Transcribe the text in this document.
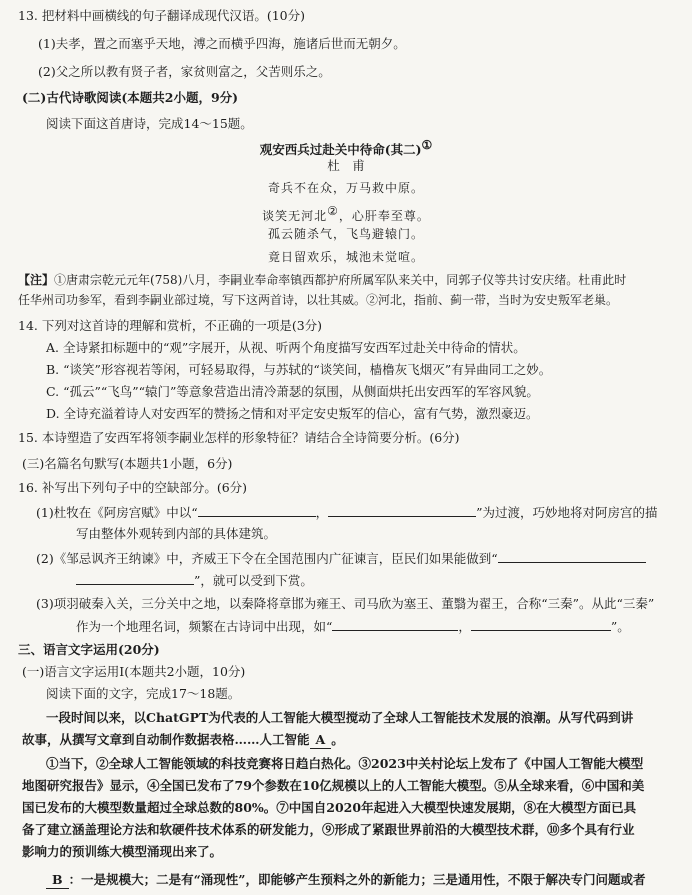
13. 把材料中画横线的句子翻译成现代汉语。(10分)
(1)夫孝，置之而塞乎天地，溥之而横乎四海，施诸后世而无朝夕。
(2)父之所以教有贤子者，家贫则富之，父苦则乐之。
(二)古代诗歌阅读(本题共2小题，9分)
阅读下面这首唐诗，完成14～15题。
观安西兵过赴关中待命(其二)①
杜　甫
奇兵不在众，万马救中原。
谈笑无河北②，心肝奉至尊。
孤云随杀气，飞鸟避辕门。
竟日留欢乐，城池未觉喧。
【注】①唐肃宗乾元元年(758)八月，李嗣业奉命率镇西都护府所属军队来关中，同郭子仪等共讨安庆绪。杜甫此时
任华州司功参军，看到李嗣业部过境，写下这两首诗，以壮其威。②河北，指前、蓟一带，当时为安史叛军老巢。
14. 下列对这首诗的理解和赏析，不正确的一项是(3分)
A. 全诗紧扣标题中的“观”字展开，从视、听两个角度描写安西军过赴关中待命的情状。
B. “谈笑”形容视若等闲，可轻易取得，与苏轼的“谈笑间，樯橹灰飞烟灭”有异曲同工之妙。
C. “孤云”“飞鸟”“辕门”等意象营造出清冷萧瑟的氛围，从侧面烘托出安西军的军容风貌。
D. 全诗充溢着诗人对安西军的赞扬之情和对平定安史叛军的信心，富有气势，激烈豪迈。
15. 本诗塑造了安西军将领李嗣业怎样的形象特征？请结合全诗简要分析。(6分)
(三)名篇名句默写(本题共1小题，6分)
16. 补写出下列句子中的空缺部分。(6分)
(1)杜牧在《阿房宫赋》中以“	，	”为过渡，巧妙地将对阿房宫的描
写由整体外观转到内部的具体建筑。
(2)《邹忌讽齐王纳谏》中，齐威王下令在全国范围内广征谏言，臣民们如果能做到“
”，就可以受到下赏。
(3)项羽破秦入关，三分关中之地，以秦降将章邯为雍王、司马欣为塞王、董翳为翟王，合称“三秦”。从此“三秦”
作为一个地理名词，频繁在古诗词中出现，如“	，	”。
三、语言文字运用(20分)
(一)语言文字运用Ⅰ(本题共2小题，10分)
阅读下面的文字，完成17～18题。
一段时间以来，以ChatGPT为代表的人工智能大模型搅动了全球人工智能技术发展的浪潮。从写代码到讲
故事，从撰写文章到自动制作数据表格……人工智能 A 。
①当下，②全球人工智能领域的科技竞赛将日趋白热化。③2023中关村论坛上发布了《中国人工智能大模型
地图研究报告》显示，④全国已发布了79个参数在10亿规模以上的人工智能大模型。⑤从全球来看，⑥中国和美
国已发布的大模型数量超过全球总数的80%。⑦中国自2020年起进入大模型快速发展期，⑧在大模型方面已具
备了建立涵盖理论方法和软硬件技术体系的研发能力，⑨形成了紧跟世界前沿的大模型技术群，⑩多个具有行业
影响力的预训练大模型涌现出来了。
B ：一是规模大；二是有“涌现性”，即能够产生预料之外的新能力；三是通用性，不限于解决专门问题或者
